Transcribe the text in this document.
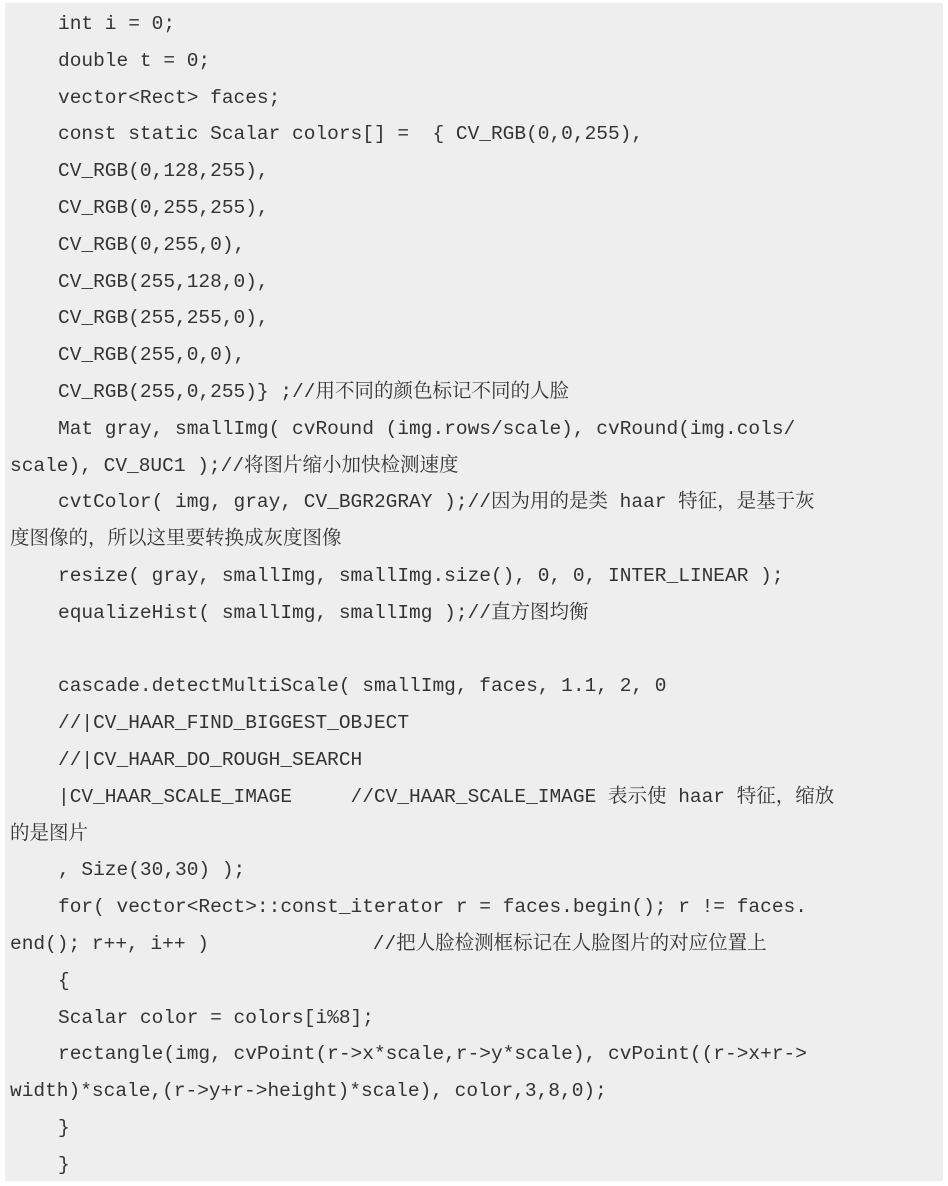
int i = 0;
double t = 0;
vector<Rect> faces;
const static Scalar colors[] =  { CV_RGB(0,0,255),
CV_RGB(0,128,255),
CV_RGB(0,255,255),
CV_RGB(0,255,0),
CV_RGB(255,128,0),
CV_RGB(255,255,0),
CV_RGB(255,0,0),
CV_RGB(255,0,255)} ;//用不同的颜色标记不同的人脸
Mat gray, smallImg( cvRound (img.rows/scale), cvRound(img.cols/
scale), CV_8UC1 );//将图片缩小加快检测速度
cvtColor( img, gray, CV_BGR2GRAY );//因为用的是类 haar 特征，是基于灰
度图像的，所以这里要转换成灰度图像
resize( gray, smallImg, smallImg.size(), 0, 0, INTER_LINEAR );
equalizeHist( smallImg, smallImg );//直方图均衡
cascade.detectMultiScale( smallImg, faces, 1.1, 2, 0
//|CV_HAAR_FIND_BIGGEST_OBJECT
//|CV_HAAR_DO_ROUGH_SEARCH
|CV_HAAR_SCALE_IMAGE     //CV_HAAR_SCALE_IMAGE 表示使 haar 特征，缩放
的是图片
, Size(30,30) );
for( vector<Rect>::const_iterator r = faces.begin(); r != faces.
end(); r++, i++ )              //把人脸检测框标记在人脸图片的对应位置上
{
Scalar color = colors[i%8];
rectangle(img, cvPoint(r->x*scale,r->y*scale), cvPoint((r->x+r->
width)*scale,(r->y+r->height)*scale), color,3,8,0);
}
}
